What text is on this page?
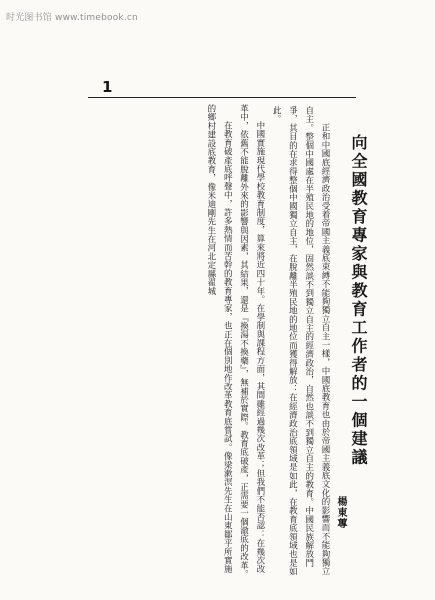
时光图书馆 www.timebook.cn
1

向全國教育專家與教育工作者的一個建議

楊東蓴

正和中國底經濟政治受着帝國主義底束縛不能夠獨立自主一樣，中國底教育也由於帝國主義底文化的影響而不能夠獨立自主。整個中國處在半殖民地的地位，固然談不到獨立自主的經濟政治，自然也談不到獨立自主的教育。中國民族解放鬥爭，其目的在求得整個中國獨立自主，在脫離半殖民地的地位而獲得解放：在經濟政治底領域是如此，在教育底領域也是如此。

中國實施現代學校教育制度，算來將近四十年。在學制與課程方面，其間雖經過幾次改革；但我們不能否認：在幾次改革中，依舊不能脫離外來的影響與因素，其結果，還是『換湯不換藥』，無補於實際。教育底破產，正需要一個澈底的改革。

在教育破產底呼聲中，許多熱情而苦幹的教育專家，也正在個別地作改革教育底嘗試。像梁漱溟先生在山東鄒平所實施的鄉村建設底教育，像米迪剛先生在河北定縣翟城
